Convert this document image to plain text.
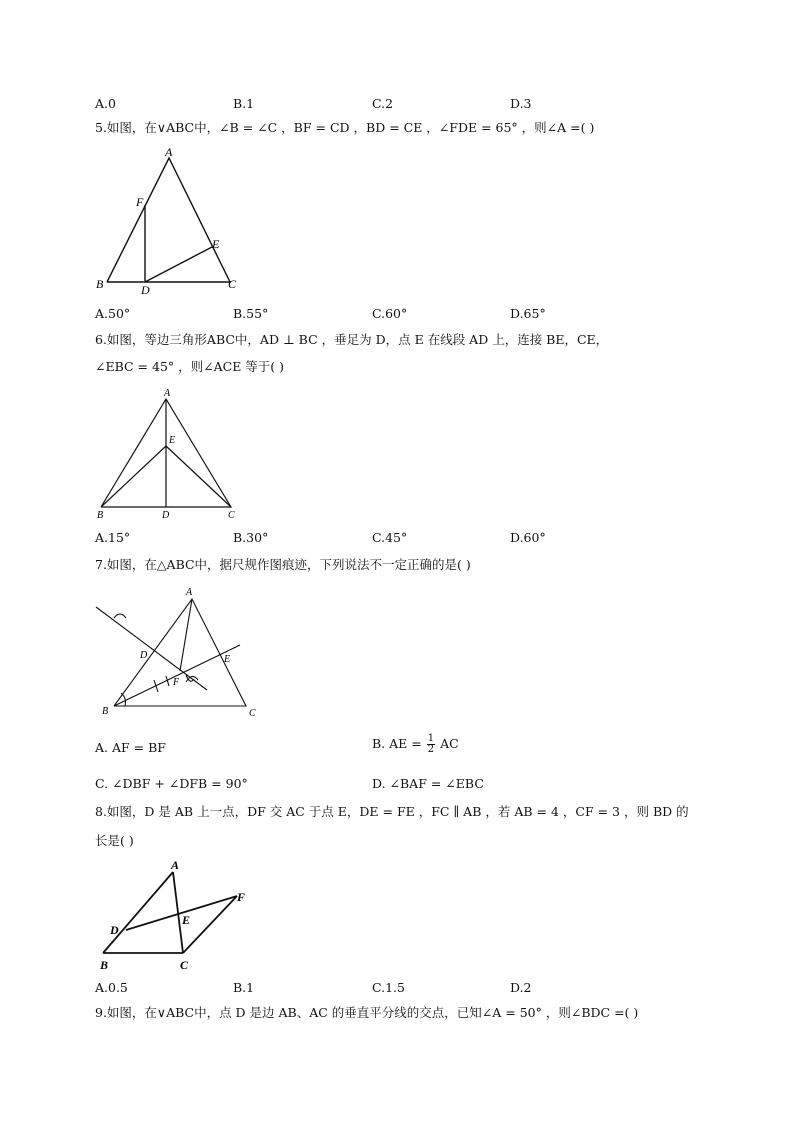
A.0	B.1	C.2	D.3
5.如图，在∨ABC中，∠B = ∠C ，BF = CD ，BD = CE ，∠FDE = 65° ，则∠A =( )
A
B	C
D
E
F
A.50°	B.55°	C.60°	D.65°
6.如图，等边三角形ABC中，AD ⊥ BC ，垂足为 D，点 E 在线段 AD 上，连接 BE，CE，
∠EBC = 45° ，则∠ACE 等于( )
A
B	C
D
E
A.15°	B.30°	C.45°	D.60°
7.如图，在△ABC中，据尺规作图痕迹，下列说法不一定正确的是( )
A
B	C
D	E
F
A. AF = BF	B. AE = $\frac{1}{2}$ AC
C. ∠DBF + ∠DFB = 90°	D. ∠BAF = ∠EBC
8.如图，D 是 AB 上一点，DF 交 AC 于点 E，DE = FE ，FC ∥ AB ，若 AB = 4 ，CF = 3 ，则 BD 的
长是( )
A
B	C
D
E
F
A.0.5	B.1	C.1.5	D.2
9.如图，在∨ABC中，点 D 是边 AB、AC 的垂直平分线的交点，已知∠A = 50° ，则∠BDC =( )
